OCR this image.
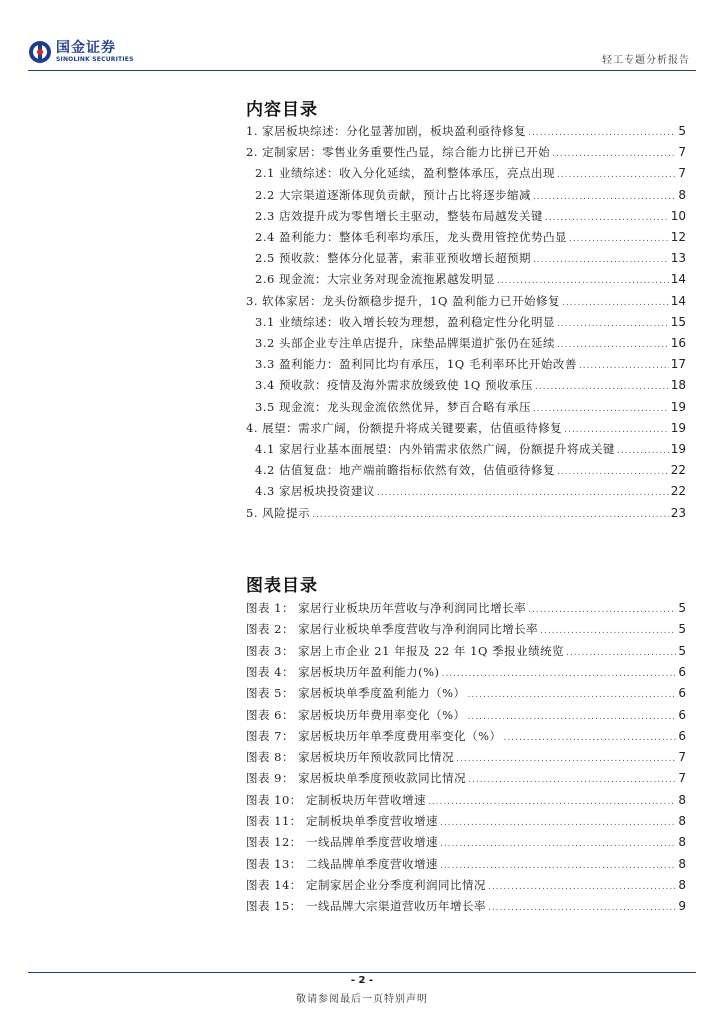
国金证券
SINOLINK SECURITIES	轻工专题分析报告
内容目录
1. 家居板块综述：分化显著加剧，板块盈利亟待修复 .....	5
2. 定制家居：零售业务重要性凸显，综合能力比拼已开始 .....	7
2.1 业绩综述：收入分化延续，盈利整体承压，亮点出现 .....	7
2.2 大宗渠道逐渐体现负贡献，预计占比将逐步缩减 .....	8
2.3 店效提升成为零售增长主驱动，整装布局越发关键 .....	10
2.4 盈利能力：整体毛利率均承压，龙头费用管控优势凸显 .....	12
2.5 预收款：整体分化显著，索菲亚预收增长超预期 .....	13
2.6 现金流：大宗业务对现金流拖累越发明显 .....	14
3. 软体家居：龙头份额稳步提升，1Q 盈利能力已开始修复 .....	14
3.1 业绩综述：收入增长较为理想，盈利稳定性分化明显 .....	15
3.2 头部企业专注单店提升，床垫品牌渠道扩张仍在延续 .....	16
3.3 盈利能力：盈利同比均有承压，1Q 毛利率环比开始改善 .....	17
3.4 预收款：疫情及海外需求放缓致使 1Q 预收承压 .....	18
3.5 现金流：龙头现金流依然优异，梦百合略有承压 .....	19
4. 展望：需求广阔，份额提升将成关键要素，估值亟待修复 .....	19
4.1 家居行业基本面展望：内外销需求依然广阔，份额提升将成关键 .....	19
4.2 估值复盘：地产端前瞻指标依然有效，估值亟待修复 .....	22
4.3 家居板块投资建议 .....	22
5. 风险提示 .....	23
图表目录
图表 1： 家居行业板块历年营收与净利润同比增长率 .....	5
图表 2： 家居行业板块单季度营收与净利润同比增长率 .....	5
图表 3： 家居上市企业 21 年报及 22 年 1Q 季报业绩统览 .....	5
图表 4： 家居板块历年盈利能力(%) .....	6
图表 5： 家居板块单季度盈利能力（%） .....	6
图表 6： 家居板块历年费用率变化（%） .....	6
图表 7： 家居板块历年单季度费用率变化（%） .....	6
图表 8： 家居板块历年预收款同比情况 .....	7
图表 9： 家居板块单季度预收款同比情况 .....	7
图表 10： 定制板块历年营收增速 .....	8
图表 11： 定制板块单季度营收增速 .....	8
图表 12： 一线品牌单季度营收增速 .....	8
图表 13： 二线品牌单季度营收增速 .....	8
图表 14： 定制家居企业分季度利润同比情况 .....	8
图表 15： 一线品牌大宗渠道营收历年增长率 .....	9
- 2 -
敬请参阅最后一页特别声明
